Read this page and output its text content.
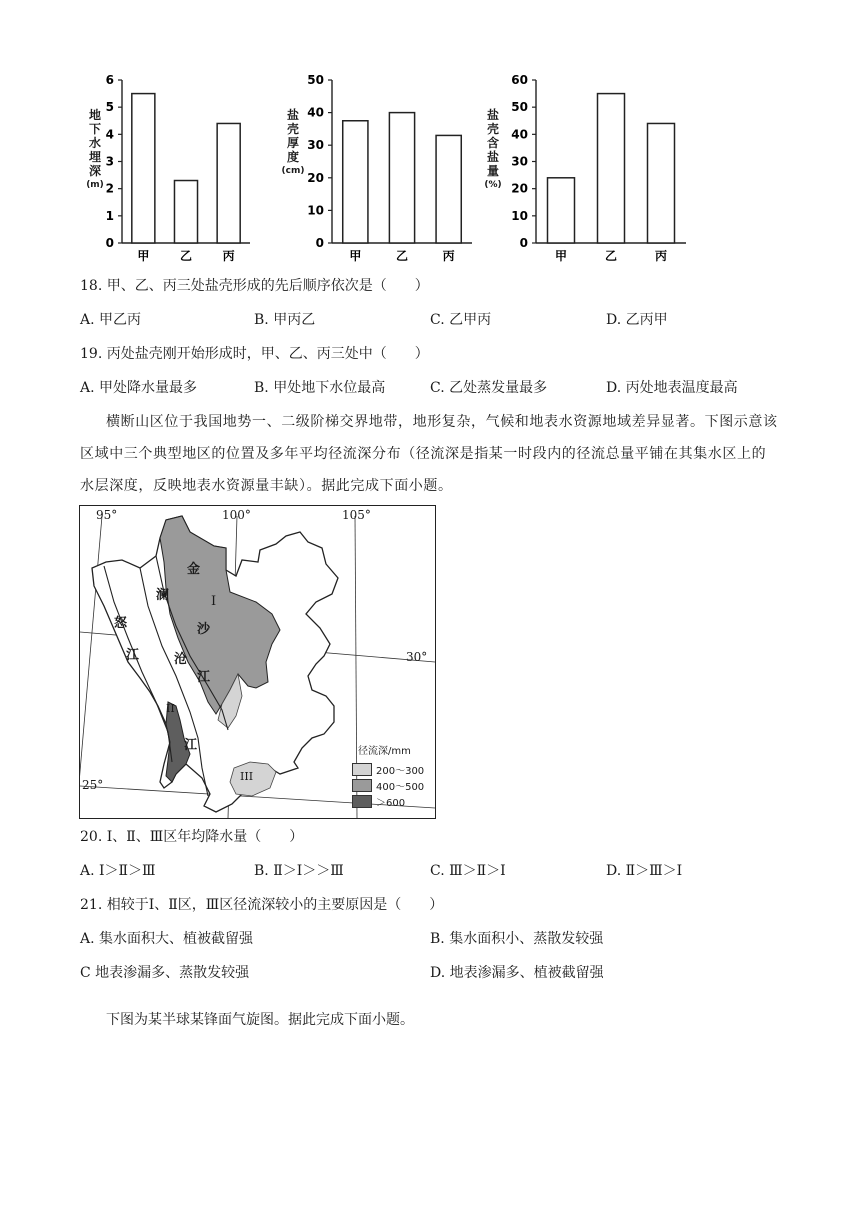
0
1
2
3
4
5
6
甲	乙	丙
地
下
水
埋
深
(m)
0
10
20
30
40
50
甲	乙	丙
盐
壳
厚
度
(cm)
0
10
20
30
40
50
60
甲	乙	丙
盐
壳
含
盐
量
(%)
18. 甲、乙、丙三处盐壳形成的先后顺序依次是（　　）
A. 甲乙丙	B. 甲丙乙	C. 乙甲丙	D. 乙丙甲
19. 丙处盐壳刚开始形成时，甲、乙、丙三处中（　　）
A. 甲处降水量最多	B. 甲处地下水位最高	C. 乙处蒸发量最多	D. 丙处地表温度最高
横断山区位于我国地势一、二级阶梯交界地带，地形复杂，气候和地表水资源地域差异显著。下图示意该区域中三个典型地区的位置及多年平均径流深分布（径流深是指某一时段内的径流总量平铺在其集水区上的水层深度，反映地表水资源量丰缺）。据此完成下面小题。
95°	100°	105°
30°
25°
金
沙
江
澜
沧
江
怒
江
I
II
III
径流深/mm
200～300
400～500
＞600
20. Ⅰ、Ⅱ、Ⅲ区年均降水量（　　）
A. Ⅰ＞Ⅱ＞Ⅲ	B. Ⅱ＞Ⅰ＞＞Ⅲ	C. Ⅲ＞Ⅱ＞Ⅰ	D. Ⅱ＞Ⅲ＞Ⅰ
21. 相较于Ⅰ、Ⅱ区，Ⅲ区径流深较小的主要原因是（　　）
A. 集水面积大、植被截留强	B. 集水面积小、蒸散发较强
C 地表渗漏多、蒸散发较强	D. 地表渗漏多、植被截留强
下图为某半球某锋面气旋图。据此完成下面小题。
